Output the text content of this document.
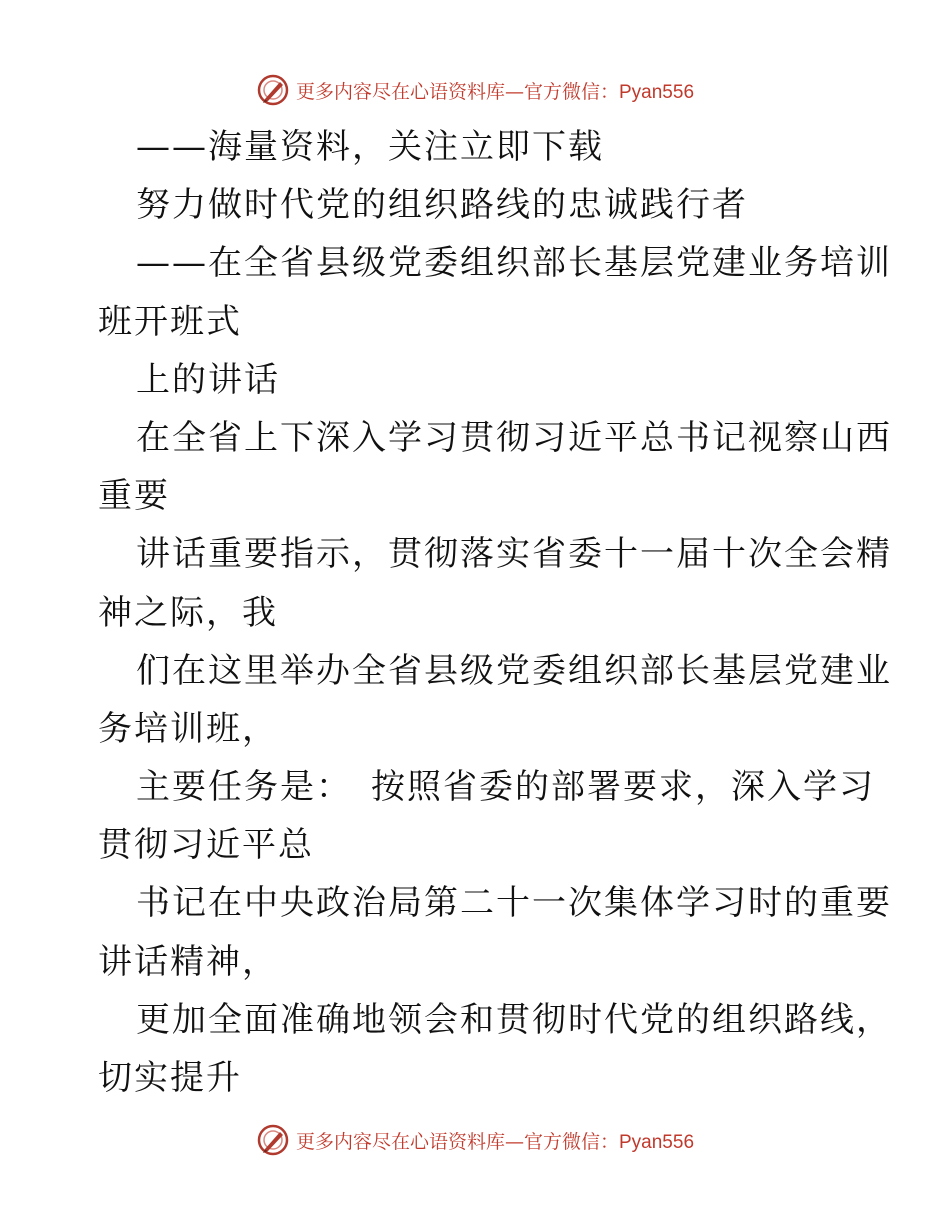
更多内容尽在心语资料库—官方微信：Pyan556
——海量资料，关注立即下载
努力做时代党的组织路线的忠诚践行者
——在全省县级党委组织部长基层党建业务培训
班开班式
上的讲话
在全省上下深入学习贯彻习近平总书记视察山西
重要
讲话重要指示，贯彻落实省委十一届十次全会精
神之际，我
们在这里举办全省县级党委组织部长基层党建业
务培训班，
主要任务是：　按照省委的部署要求，深入学习
贯彻习近平总
书记在中央政治局第二十一次集体学习时的重要
讲话精神，
更加全面准确地领会和贯彻时代党的组织路线，
切实提升
更多内容尽在心语资料库—官方微信：Pyan556
